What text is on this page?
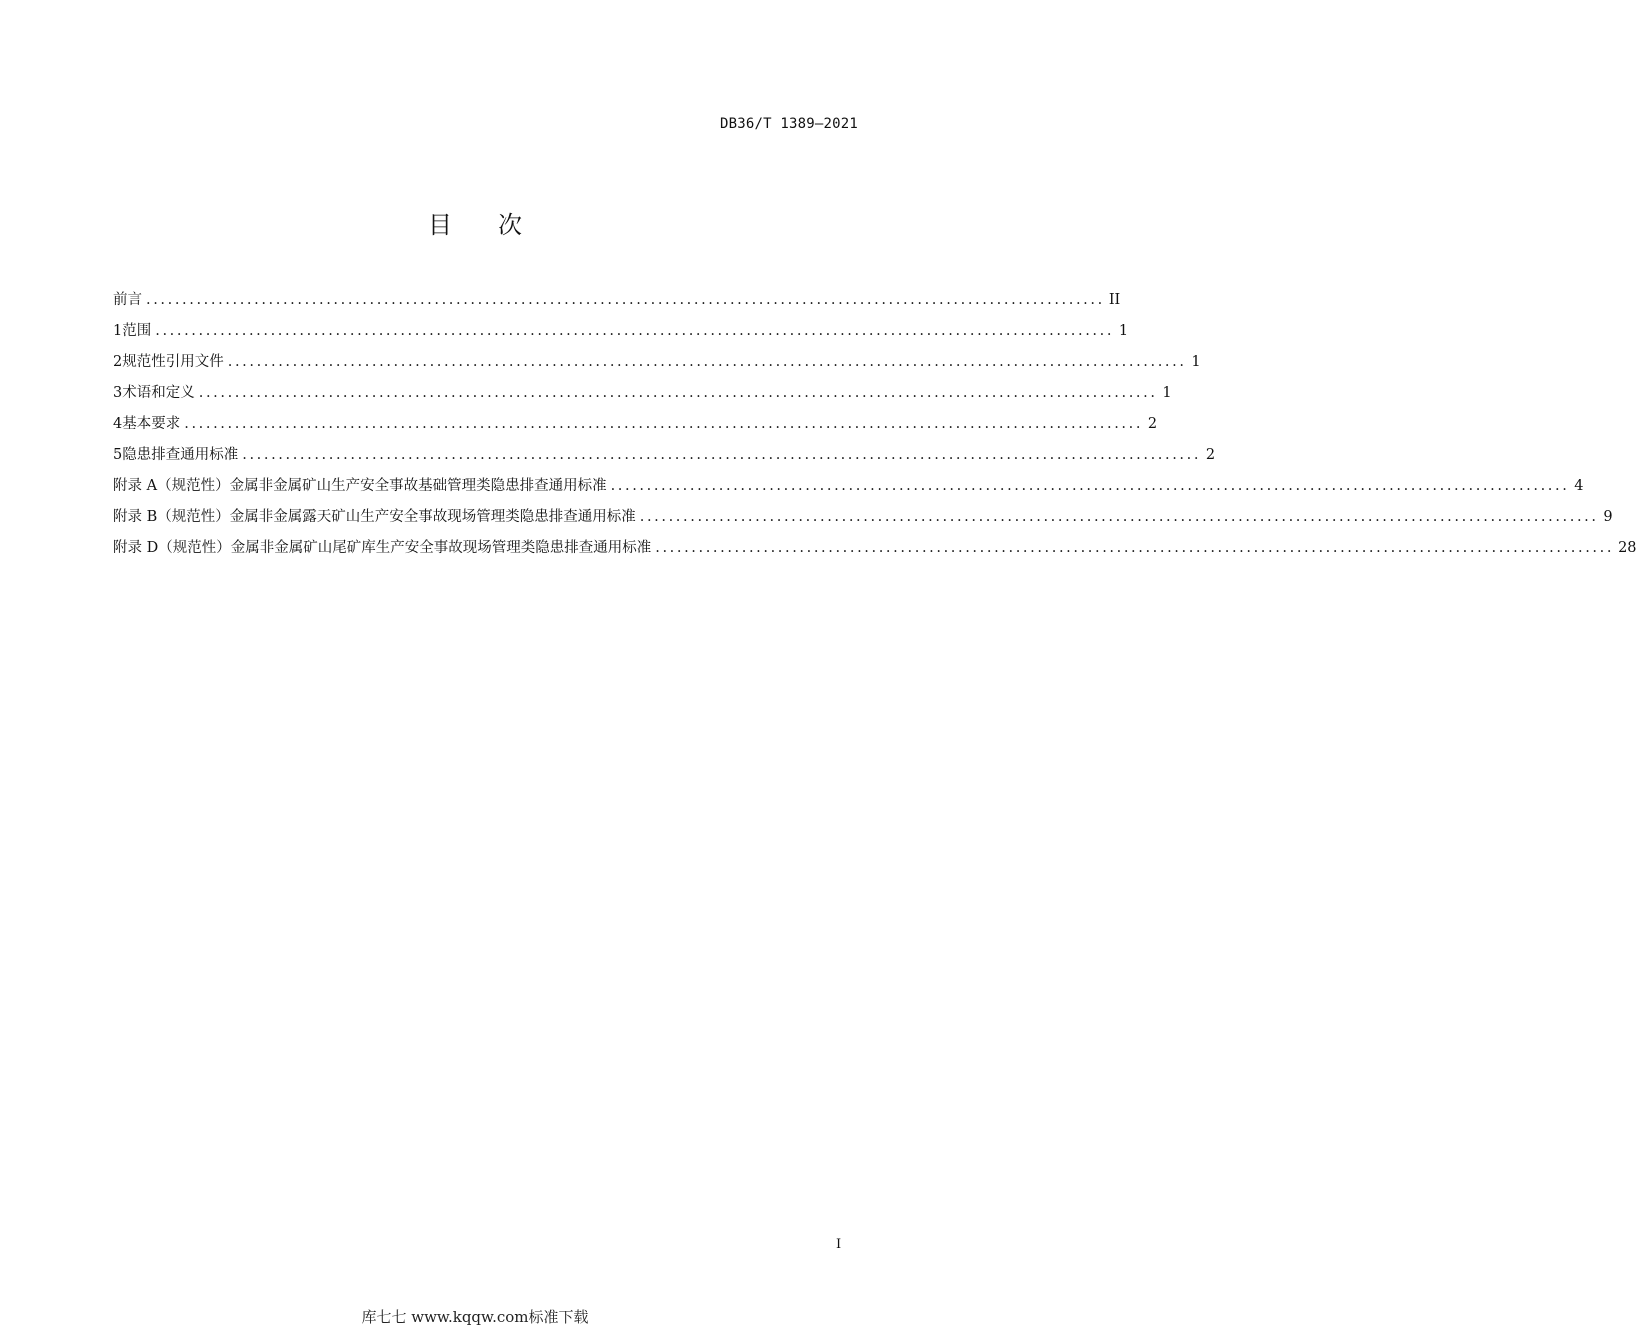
DB36/T 1389—2021
目 次
前言 ..................................................................................................................................... II
1 范围 ..................................................................................................................................... 1
2 规范性引用文件 ..................................................................................................................................... 1
3 术语和定义 ..................................................................................................................................... 1
4 基本要求 ..................................................................................................................................... 2
5 隐患排查通用标准 ..................................................................................................................................... 2
附录 A（规范性） 金属非金属矿山生产安全事故基础管理类隐患排查通用标准 ..................................................................................................................................... 4
附录 B（规范性） 金属非金属露天矿山生产安全事故现场管理类隐患排查通用标准 ..................................................................................................................................... 9
附录 D（规范性） 金属非金属矿山尾矿库生产安全事故现场管理类隐患排查通用标准 ..................................................................................................................................... 28
I
库七七 www.kqqw.com标准下载
